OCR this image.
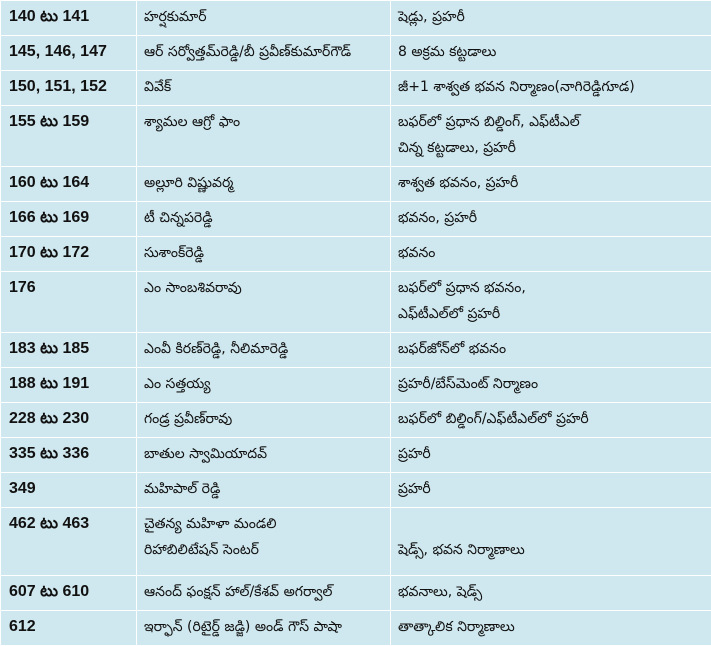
140 టు 141	హర్షకుమార్	షెడ్లు, ప్రహరీ
145, 146, 147	ఆర్ సర్వోత్తమ్‌రెడ్డి/బీ ప్రవీణ్‌కుమార్‌గౌడ్	8 అక్రమ కట్టడాలు
150, 151, 152	వివేక్	జీ+1 శాశ్వత భవన నిర్మాణం(నాగిరెడ్డిగూడ)
155 టు 159	శ్యామల ఆగ్రో ఫాం	బఫర్‌లో ప్రధాన బిల్డింగ్, ఎఫ్‌టీఎల్
చిన్న కట్టడాలు, ప్రహరీ

160 టు 164	అల్లూరి విష్ణువర్మ	శాశ్వత భవనం, ప్రహరీ
166 టు 169	టీ చిన్నపరెడ్డి	భవనం, ప్రహరీ
170 టు 172	సుశాంక్‌రెడ్డి	భవనం
176	ఎం సాంబశివరావు	బఫర్‌లో ప్రధాన భవనం,
ఎఫ్‌టీఎల్‌లో ప్రహరీ

183 టు 185	ఎంవీ కిరణ్‌రెడ్డి, నీలిమారెడ్డి	బఫర్‌జోన్‌లో భవనం
188 టు 191	ఎం సత్తయ్య	ప్రహరీ/బేస్‌మెంట్ నిర్మాణం
228 టు 230	గండ్ర ప్రవీణ్‌రావు	బఫర్‌లో బిల్డింగ్/ఎఫ్‌టీఎల్‌లో ప్రహరీ
335 టు 336	బాతుల స్వామియాదవ్	ప్రహరీ
349	మహిపాల్ రెడ్డి	ప్రహరీ
462 టు 463	చైతన్య మహిళా మండలి
రిహాబిలిటేషన్ సెంటర్	షెడ్స్, భవన నిర్మాణాలు

607 టు 610	ఆనంద్ ఫంక్షన్ హాల్/కేశవ్ అగర్వాల్	భవనాలు, షెడ్స్
612	ఇర్ఫాన్ (రిటైర్డ్ జడ్జి) అండ్ గౌస్ పాషా	తాత్కాలిక నిర్మాణాలు
